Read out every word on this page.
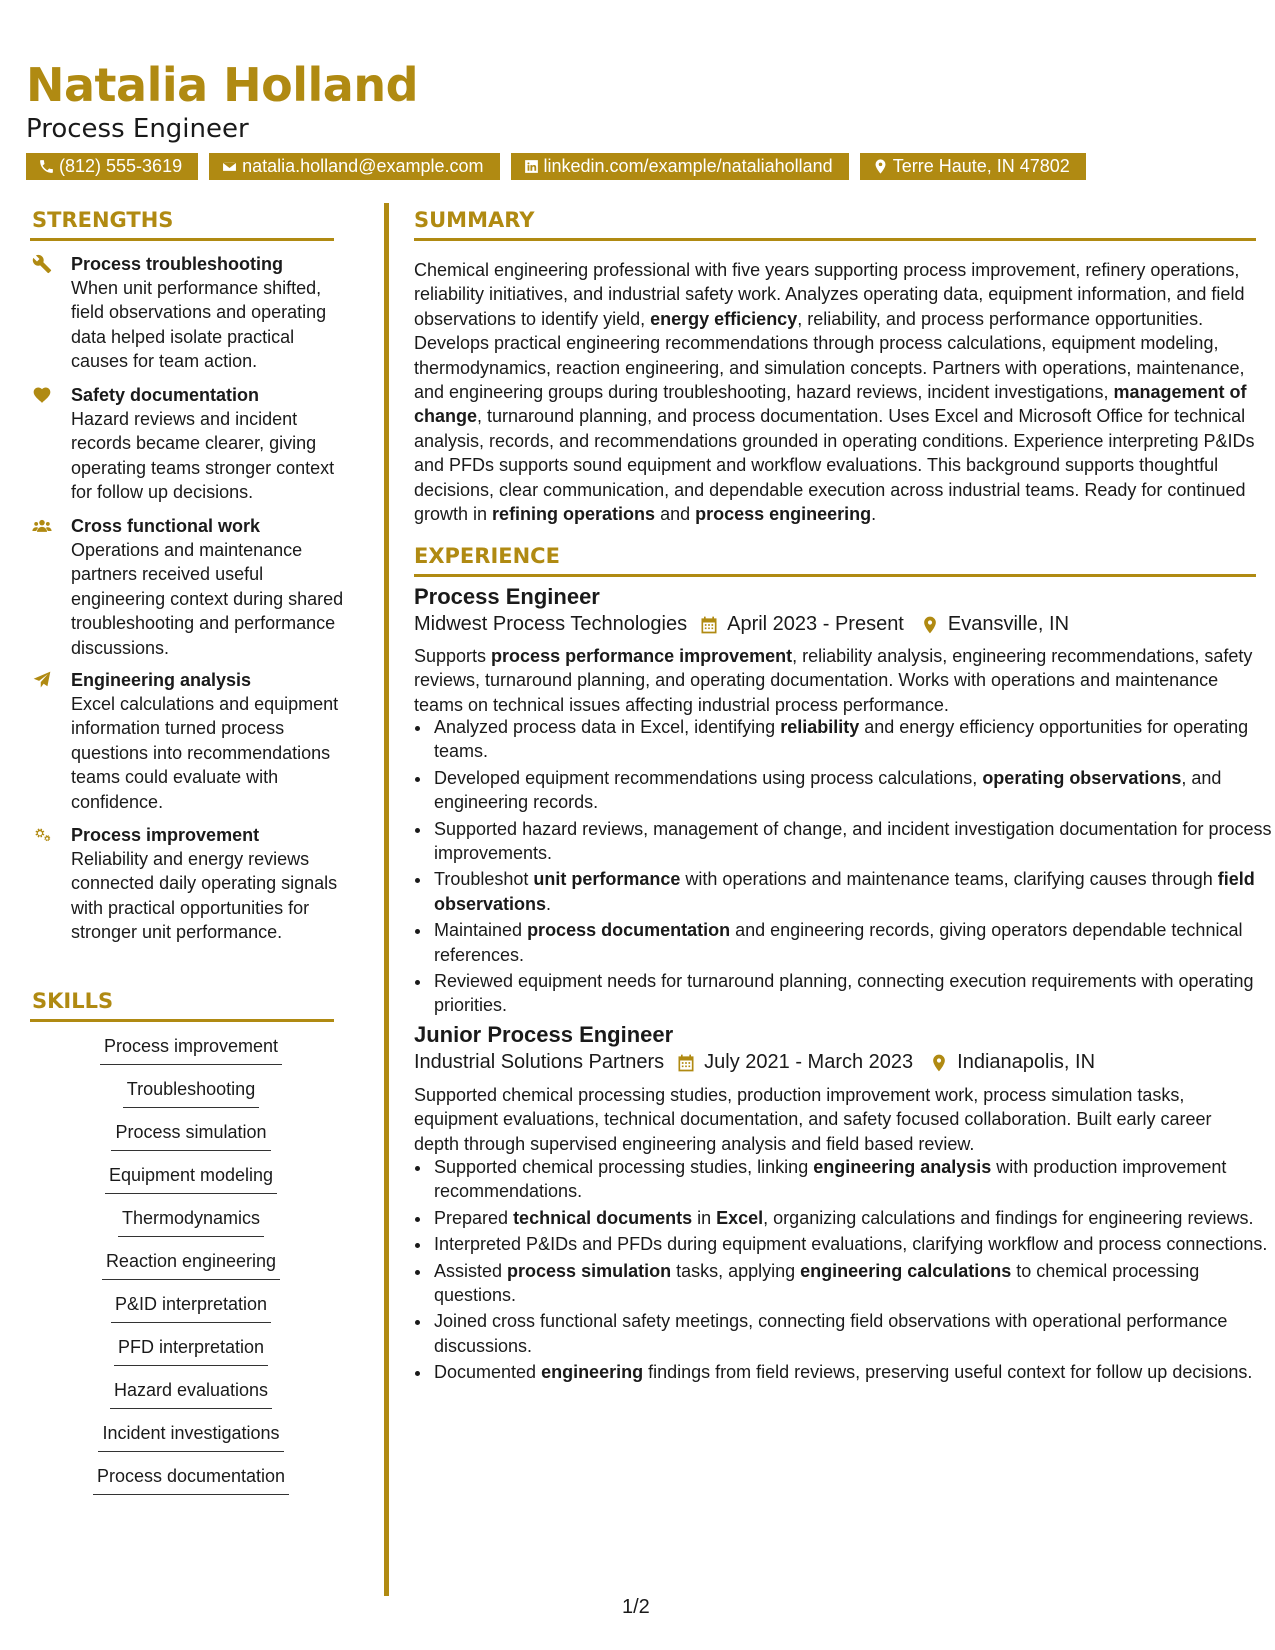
Natalia Holland
Process Engineer
(812) 555-3619	natalia.holland@example.com	linkedin.com/example/nataliaholland	Terre Haute, IN 47802
STRENGTHS
Process troubleshooting
When unit performance shifted, field observations and operating data helped isolate practical causes for team action.
Safety documentation
Hazard reviews and incident records became clearer, giving operating teams stronger context for follow up decisions.
Cross functional work
Operations and maintenance partners received useful engineering context during shared troubleshooting and performance discussions.
Engineering analysis
Excel calculations and equipment information turned process questions into recommendations teams could evaluate with confidence.
Process improvement
Reliability and energy reviews connected daily operating signals with practical opportunities for stronger unit performance.
SKILLS
Process improvement
Troubleshooting
Process simulation
Equipment modeling
Thermodynamics
Reaction engineering
P&ID interpretation
PFD interpretation
Hazard evaluations
Incident investigations
Process documentation
SUMMARY
Chemical engineering professional with five years supporting process improvement, refinery operations, reliability initiatives, and industrial safety work. Analyzes operating data, equipment information, and field observations to identify yield, energy efficiency, reliability, and process performance opportunities. Develops practical engineering recommendations through process calculations, equipment modeling, thermodynamics, reaction engineering, and simulation concepts. Partners with operations, maintenance, and engineering groups during troubleshooting, hazard reviews, incident investigations, management of change, turnaround planning, and process documentation. Uses Excel and Microsoft Office for technical analysis, records, and recommendations grounded in operating conditions. Experience interpreting P&IDs and PFDs supports sound equipment and workflow evaluations. This background supports thoughtful decisions, clear communication, and dependable execution across industrial teams. Ready for continued growth in refining operations and process engineering.
EXPERIENCE
Process Engineer
Midwest Process Technologies April 2023 - Present Evansville, IN
Supports process performance improvement, reliability analysis, engineering recommendations, safety reviews, turnaround planning, and operating documentation. Works with operations and maintenance teams on technical issues affecting industrial process performance.
• Analyzed process data in Excel, identifying reliability and energy efficiency opportunities for operating teams.
• Developed equipment recommendations using process calculations, operating observations, and engineering records.
• Supported hazard reviews, management of change, and incident investigation documentation for process improvements.
• Troubleshot unit performance with operations and maintenance teams, clarifying causes through field observations.
• Maintained process documentation and engineering records, giving operators dependable technical references.
• Reviewed equipment needs for turnaround planning, connecting execution requirements with operating priorities.
Junior Process Engineer
Industrial Solutions Partners July 2021 - March 2023 Indianapolis, IN
Supported chemical processing studies, production improvement work, process simulation tasks, equipment evaluations, technical documentation, and safety focused collaboration. Built early career depth through supervised engineering analysis and field based review.
• Supported chemical processing studies, linking engineering analysis with production improvement recommendations.
• Prepared technical documents in Excel, organizing calculations and findings for engineering reviews.
• Interpreted P&IDs and PFDs during equipment evaluations, clarifying workflow and process connections.
• Assisted process simulation tasks, applying engineering calculations to chemical processing questions.
• Joined cross functional safety meetings, connecting field observations with operational performance discussions.
• Documented engineering findings from field reviews, preserving useful context for follow up decisions.
1/2
